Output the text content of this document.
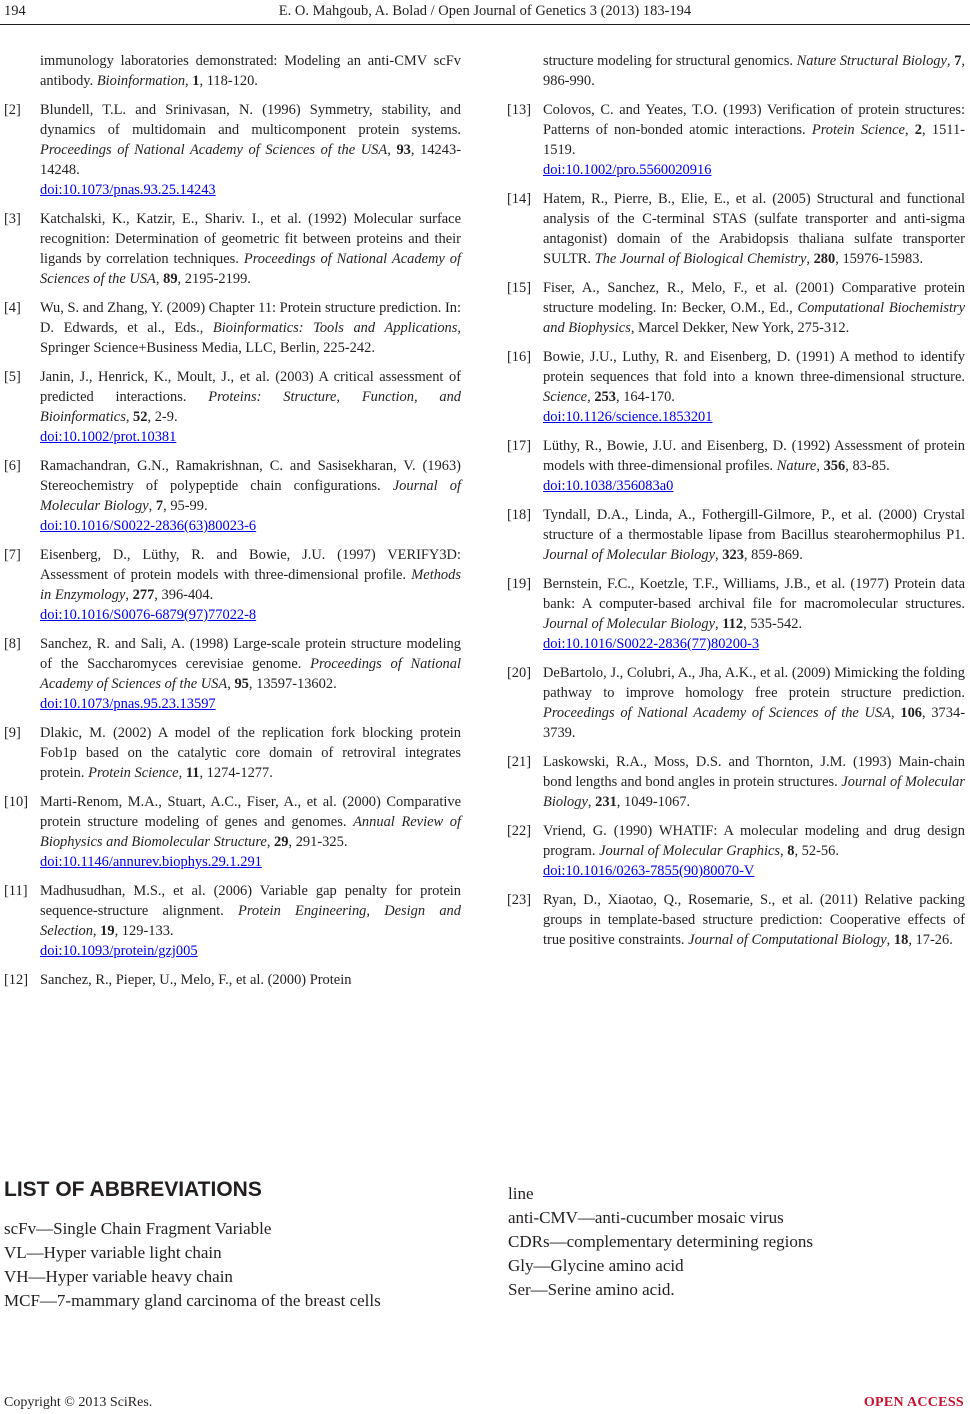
194	E. O. Mahgoub, A. Bolad / Open Journal of Genetics 3 (2013) 183-194
immunology laboratories demonstrated: Modeling an anti-CMV scFv antibody. Bioinformation, 1, 118-120.
[2] Blundell, T.L. and Srinivasan, N. (1996) Symmetry, stability, and dynamics of multidomain and multicomponent protein systems. Proceedings of National Academy of Sciences of the USA, 93, 14243-14248.
doi:10.1073/pnas.93.25.14243
[3] Katchalski, K., Katzir, E., Shariv. I., et al. (1992) Molecular surface recognition: Determination of geometric fit between proteins and their ligands by correlation techniques. Proceedings of National Academy of Sciences of the USA, 89, 2195-2199.
[4] Wu, S. and Zhang, Y. (2009) Chapter 11: Protein structure prediction. In: D. Edwards, et al., Eds., Bioinformatics: Tools and Applications, Springer Science+Business Media, LLC, Berlin, 225-242.
[5] Janin, J., Henrick, K., Moult, J., et al. (2003) A critical assessment of predicted interactions. Proteins: Structure, Function, and Bioinformatics, 52, 2-9.
doi:10.1002/prot.10381
[6] Ramachandran, G.N., Ramakrishnan, C. and Sasisekharan, V. (1963) Stereochemistry of polypeptide chain configurations. Journal of Molecular Biology, 7, 95-99.
doi:10.1016/S0022-2836(63)80023-6
[7] Eisenberg, D., Lüthy, R. and Bowie, J.U. (1997) VERIFY3D: Assessment of protein models with three-dimensional profile. Methods in Enzymology, 277, 396-404.
doi:10.1016/S0076-6879(97)77022-8
[8] Sanchez, R. and Sali, A. (1998) Large-scale protein structure modeling of the Saccharomyces cerevisiae genome. Proceedings of National Academy of Sciences of the USA, 95, 13597-13602.
doi:10.1073/pnas.95.23.13597
[9] Dlakic, M. (2002) A model of the replication fork blocking protein Fob1p based on the catalytic core domain of retroviral integrates protein. Protein Science, 11, 1274-1277.
[10] Marti-Renom, M.A., Stuart, A.C., Fiser, A., et al. (2000) Comparative protein structure modeling of genes and genomes. Annual Review of Biophysics and Biomolecular Structure, 29, 291-325.
doi:10.1146/annurev.biophys.29.1.291
[11] Madhusudhan, M.S., et al. (2006) Variable gap penalty for protein sequence-structure alignment. Protein Engineering, Design and Selection, 19, 129-133.
doi:10.1093/protein/gzj005
[12] Sanchez, R., Pieper, U., Melo, F., et al. (2000) Protein
structure modeling for structural genomics. Nature Structural Biology, 7, 986-990.
[13] Colovos, C. and Yeates, T.O. (1993) Verification of protein structures: Patterns of non-bonded atomic interactions. Protein Science, 2, 1511-1519.
doi:10.1002/pro.5560020916
[14] Hatem, R., Pierre, B., Elie, E., et al. (2005) Structural and functional analysis of the C-terminal STAS (sulfate transporter and anti-sigma antagonist) domain of the Arabidopsis thaliana sulfate transporter SULTR. The Journal of Biological Chemistry, 280, 15976-15983.
[15] Fiser, A., Sanchez, R., Melo, F., et al. (2001) Comparative protein structure modeling. In: Becker, O.M., Ed., Computational Biochemistry and Biophysics, Marcel Dekker, New York, 275-312.
[16] Bowie, J.U., Luthy, R. and Eisenberg, D. (1991) A method to identify protein sequences that fold into a known three-dimensional structure. Science, 253, 164-170.
doi:10.1126/science.1853201
[17] Lüthy, R., Bowie, J.U. and Eisenberg, D. (1992) Assessment of protein models with three-dimensional profiles. Nature, 356, 83-85.
doi:10.1038/356083a0
[18] Tyndall, D.A., Linda, A., Fothergill-Gilmore, P., et al. (2000) Crystal structure of a thermostable lipase from Bacillus stearohermophilus P1. Journal of Molecular Biology, 323, 859-869.
[19] Bernstein, F.C., Koetzle, T.F., Williams, J.B., et al. (1977) Protein data bank: A computer-based archival file for macromolecular structures. Journal of Molecular Biology, 112, 535-542.
doi:10.1016/S0022-2836(77)80200-3
[20] DeBartolo, J., Colubri, A., Jha, A.K., et al. (2009) Mimicking the folding pathway to improve homology free protein structure prediction. Proceedings of National Academy of Sciences of the USA, 106, 3734-3739.
[21] Laskowski, R.A., Moss, D.S. and Thornton, J.M. (1993) Main-chain bond lengths and bond angles in protein structures. Journal of Molecular Biology, 231, 1049-1067.
[22] Vriend, G. (1990) WHATIF: A molecular modeling and drug design program. Journal of Molecular Graphics, 8, 52-56.
doi:10.1016/0263-7855(90)80070-V
[23] Ryan, D., Xiaotao, Q., Rosemarie, S., et al. (2011) Relative packing groups in template-based structure prediction: Cooperative effects of true positive constraints. Journal of Computational Biology, 18, 17-26.
LIST OF ABBREVIATIONS
scFv—Single Chain Fragment Variable
VL—Hyper variable light chain
VH—Hyper variable heavy chain
MCF—7-mammary gland carcinoma of the breast cells
line
anti-CMV—anti-cucumber mosaic virus
CDRs—complementary determining regions
Gly—Glycine amino acid
Ser—Serine amino acid.
Copyright © 2013 SciRes.	OPEN ACCESS
